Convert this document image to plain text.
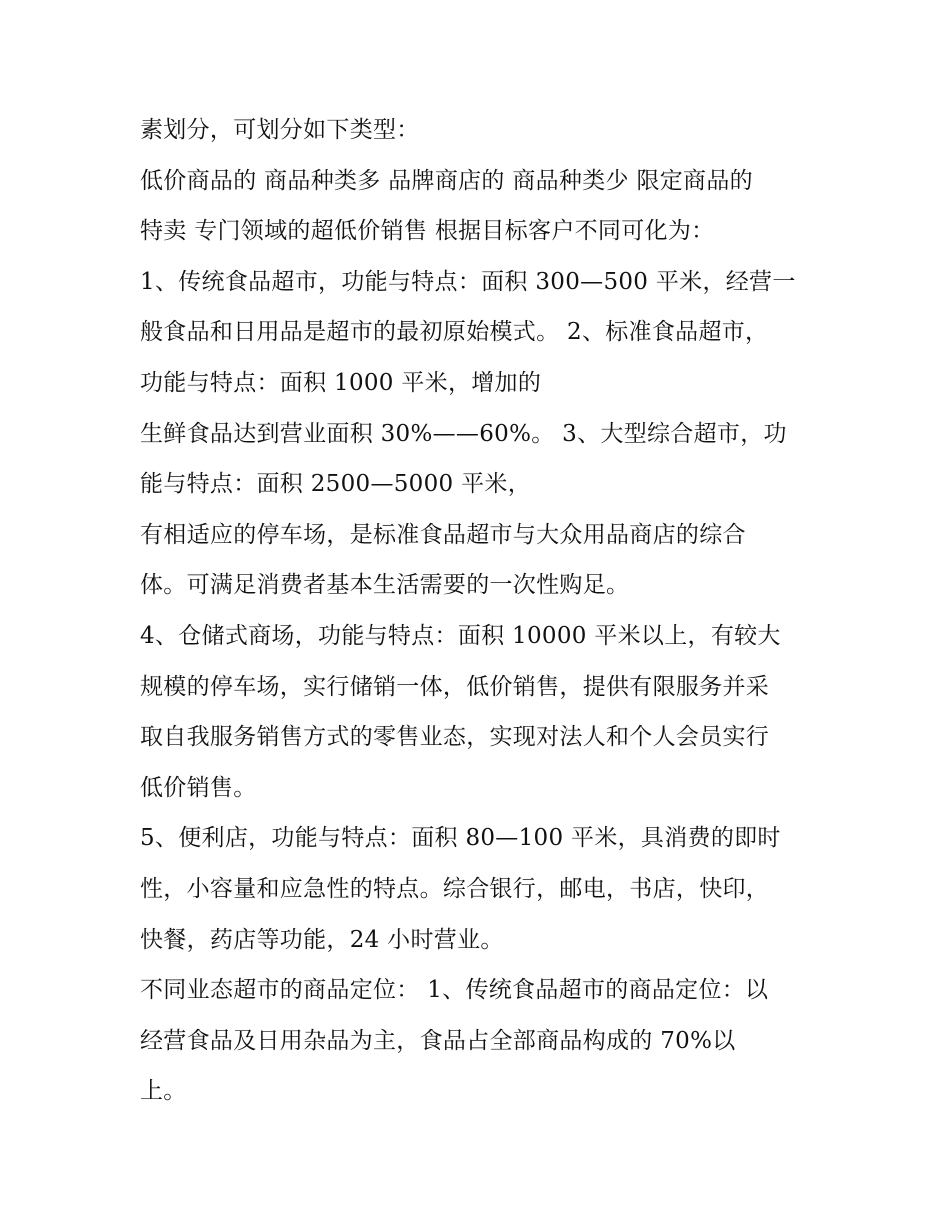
素划分，可划分如下类型：
低价商品的 商品种类多 品牌商店的 商品种类少 限定商品的
特卖 专门领域的超低价销售 根据目标客户不同可化为：
1、传统食品超市，功能与特点：面积 300—500 平米，经营一
般食品和日用品是超市的最初原始模式。 2、标准食品超市，
功能与特点：面积 1000 平米，增加的
生鲜食品达到营业面积 30%——60%。 3、大型综合超市，功
能与特点：面积 2500—5000 平米，
有相适应的停车场，是标准食品超市与大众用品商店的综合
体。可满足消费者基本生活需要的一次性购足。
4、仓储式商场，功能与特点：面积 10000 平米以上，有较大
规模的停车场，实行储销一体，低价销售，提供有限服务并采
取自我服务销售方式的零售业态，实现对法人和个人会员实行
低价销售。
5、便利店，功能与特点：面积 80—100 平米，具消费的即时
性，小容量和应急性的特点。综合银行，邮电，书店，快印，
快餐，药店等功能，24 小时营业。
不同业态超市的商品定位： 1、传统食品超市的商品定位：以
经营食品及日用杂品为主，食品占全部商品构成的 70%以
上。
